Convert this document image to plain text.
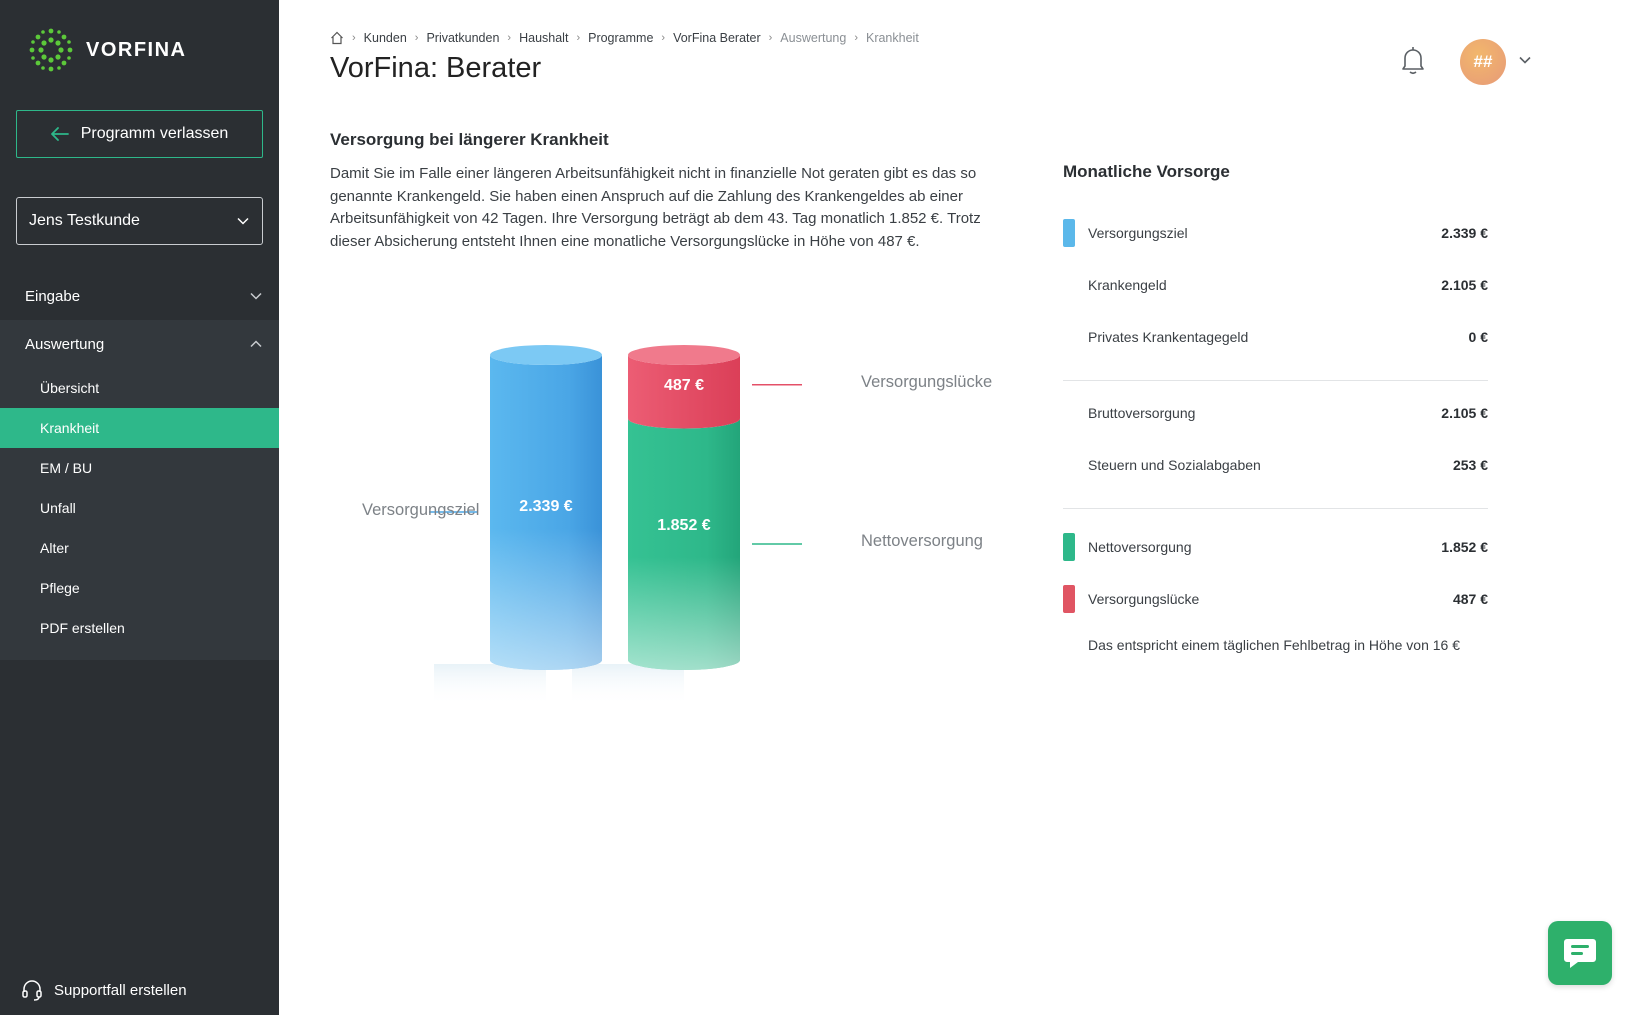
VORFINA
Programm verlassen
Jens Testkunde
Eingabe
Auswertung
Übersicht
Krankheit
EM / BU
Unfall
Alter
Pflege
PDF erstellen
Supportfall erstellen
› Kunden › Privatkunden › Haushalt › Programme › VorFina Berater › Auswertung › Krankheit
VorFina: Berater	##
Versorgung bei längerer Krankheit
Damit Sie im Falle einer längeren Arbeitsunfähigkeit nicht in finanzielle Not geraten gibt es das so genannte Krankengeld. Sie haben einen Anspruch auf die Zahlung des Krankengeldes ab einer Arbeitsunfähigkeit von 42 Tagen. Ihre Versorgung beträgt ab dem 43. Tag monatlich 1.852 €. Trotz dieser Absicherung entsteht Ihnen eine monatliche Versorgungslücke in Höhe von 487 €.
2.339 €
487 €
1.852 €
Versorgungsziel
Versorgungslücke
Nettoversorgung
Monatliche Vorsorge
Versorgungsziel	2.339 €
Krankengeld	2.105 €
Privates Krankentagegeld	0 €
Bruttoversorgung	2.105 €
Steuern und Sozialabgaben	253 €
Nettoversorgung	1.852 €
Versorgungslücke	487 €
Das entspricht einem täglichen Fehlbetrag in Höhe von 16 €
